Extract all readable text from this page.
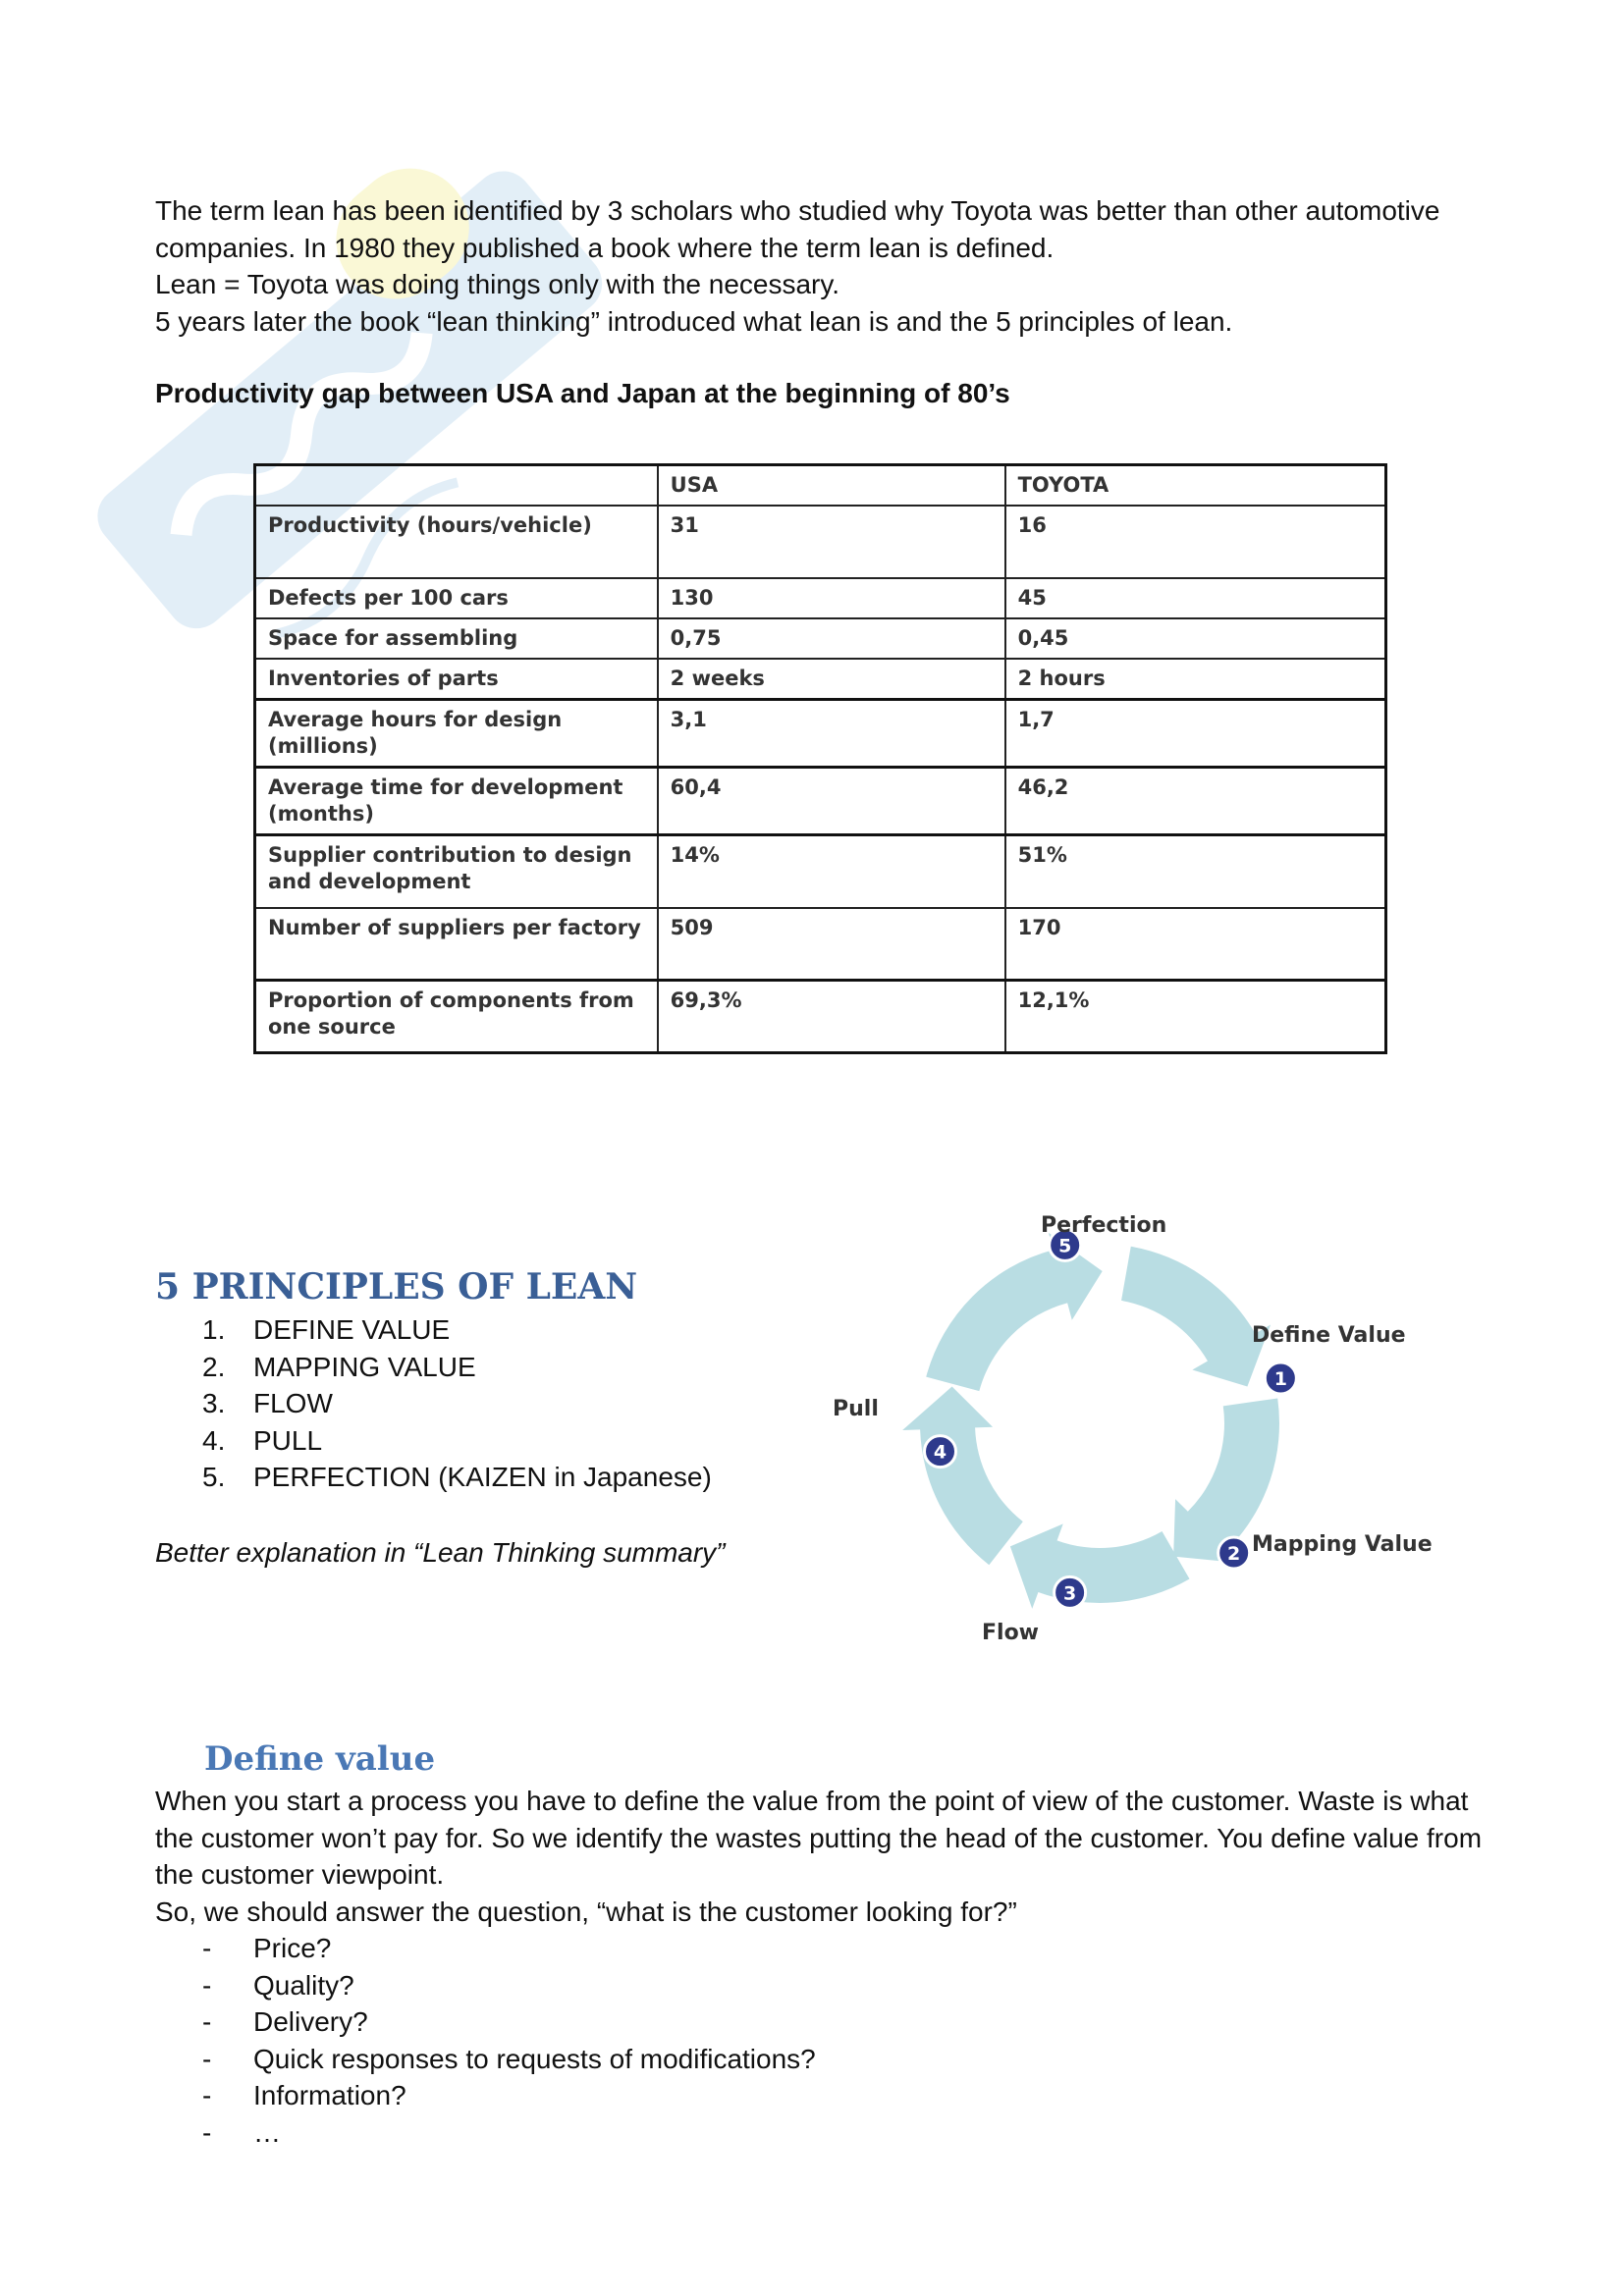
The term lean has been identified by 3 scholars who studied why Toyota was better than other automotive companies. In 1980 they published a book where the term lean is defined.

Lean = Toyota was doing things only with the necessary.

5 years later the book “lean thinking” introduced what lean is and the 5 principles of lean.

Productivity gap between USA and Japan at the beginning of 80’s
	USA	TOYOTA
Productivity (hours/vehicle)	31	16
Defects per 100 cars	130	45
Space for assembling	0,75	0,45
Inventories of parts	2 weeks	2 hours
Average hours for design (millions)	3,1	1,7
Average time for development (months)	60,4	46,2
Supplier contribution to design and development	14%	51%
Number of suppliers per factory	509	170
Proportion of components from one source	69,3%	12,1%
5 PRINCIPLES OF LEAN
1. DEFINE VALUE
2. MAPPING VALUE
3. FLOW
4. PULL
5. PERFECTION (KAIZEN in Japanese)
Better explanation in “Lean Thinking summary”
1
2
3
4
5
Perfection
Define Value
Mapping Value
Flow
Pull
Define value

When you start a process you have to define the value from the point of view of the customer. Waste is what the customer won’t pay for. So we identify the wastes putting the head of the customer. You define value from the customer viewpoint.

So, we should answer the question, “what is the customer looking for?”

- Price?
- Quality?
- Delivery?
- Quick responses to requests of modifications?
- Information?
- …
